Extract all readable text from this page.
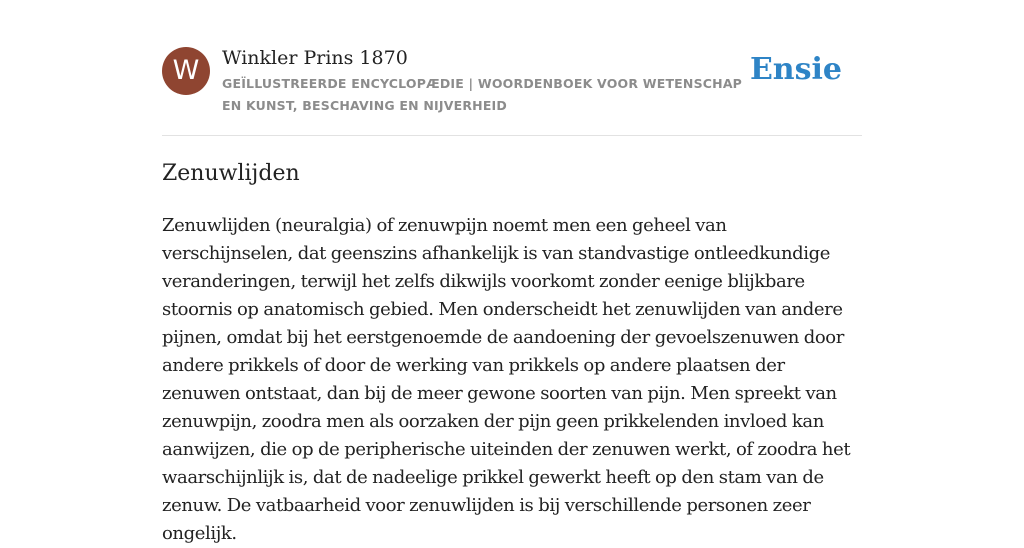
W	Winkler Prins 1870
GEÏLLUSTREERDE ENCYCLOPÆDIE | WOORDENBOEK VOOR WETENSCHAP EN KUNST, BESCHAVING EN NIJVERHEID
Ensie
Zenuwlijden

Zenuwlijden (neuralgia) of zenuwpijn noemt men een geheel van verschijnselen, dat geenszins afhankelijk is van standvastige ontleedkundige veranderingen, terwijl het zelfs dikwijls voorkomt zonder eenige blijkbare stoornis op anatomisch gebied. Men onderscheidt het zenuwlijden van andere pijnen, omdat bij het eerstgenoemde de aandoening der gevoelszenuwen door andere prikkels of door de werking van prikkels op andere plaatsen der zenuwen ontstaat, dan bij de meer gewone soorten van pijn. Men spreekt van zenuwpijn, zoodra men als oorzaken der pijn geen prikkelenden invloed kan aanwijzen, die op de peripherische uiteinden der zenuwen werkt, of zoodra het waarschijnlijk is, dat de nadeelige prikkel gewerkt heeft op den stam van de zenuw. De vatbaarheid voor zenuwlijden is bij verschillende personen zeer ongelijk.
